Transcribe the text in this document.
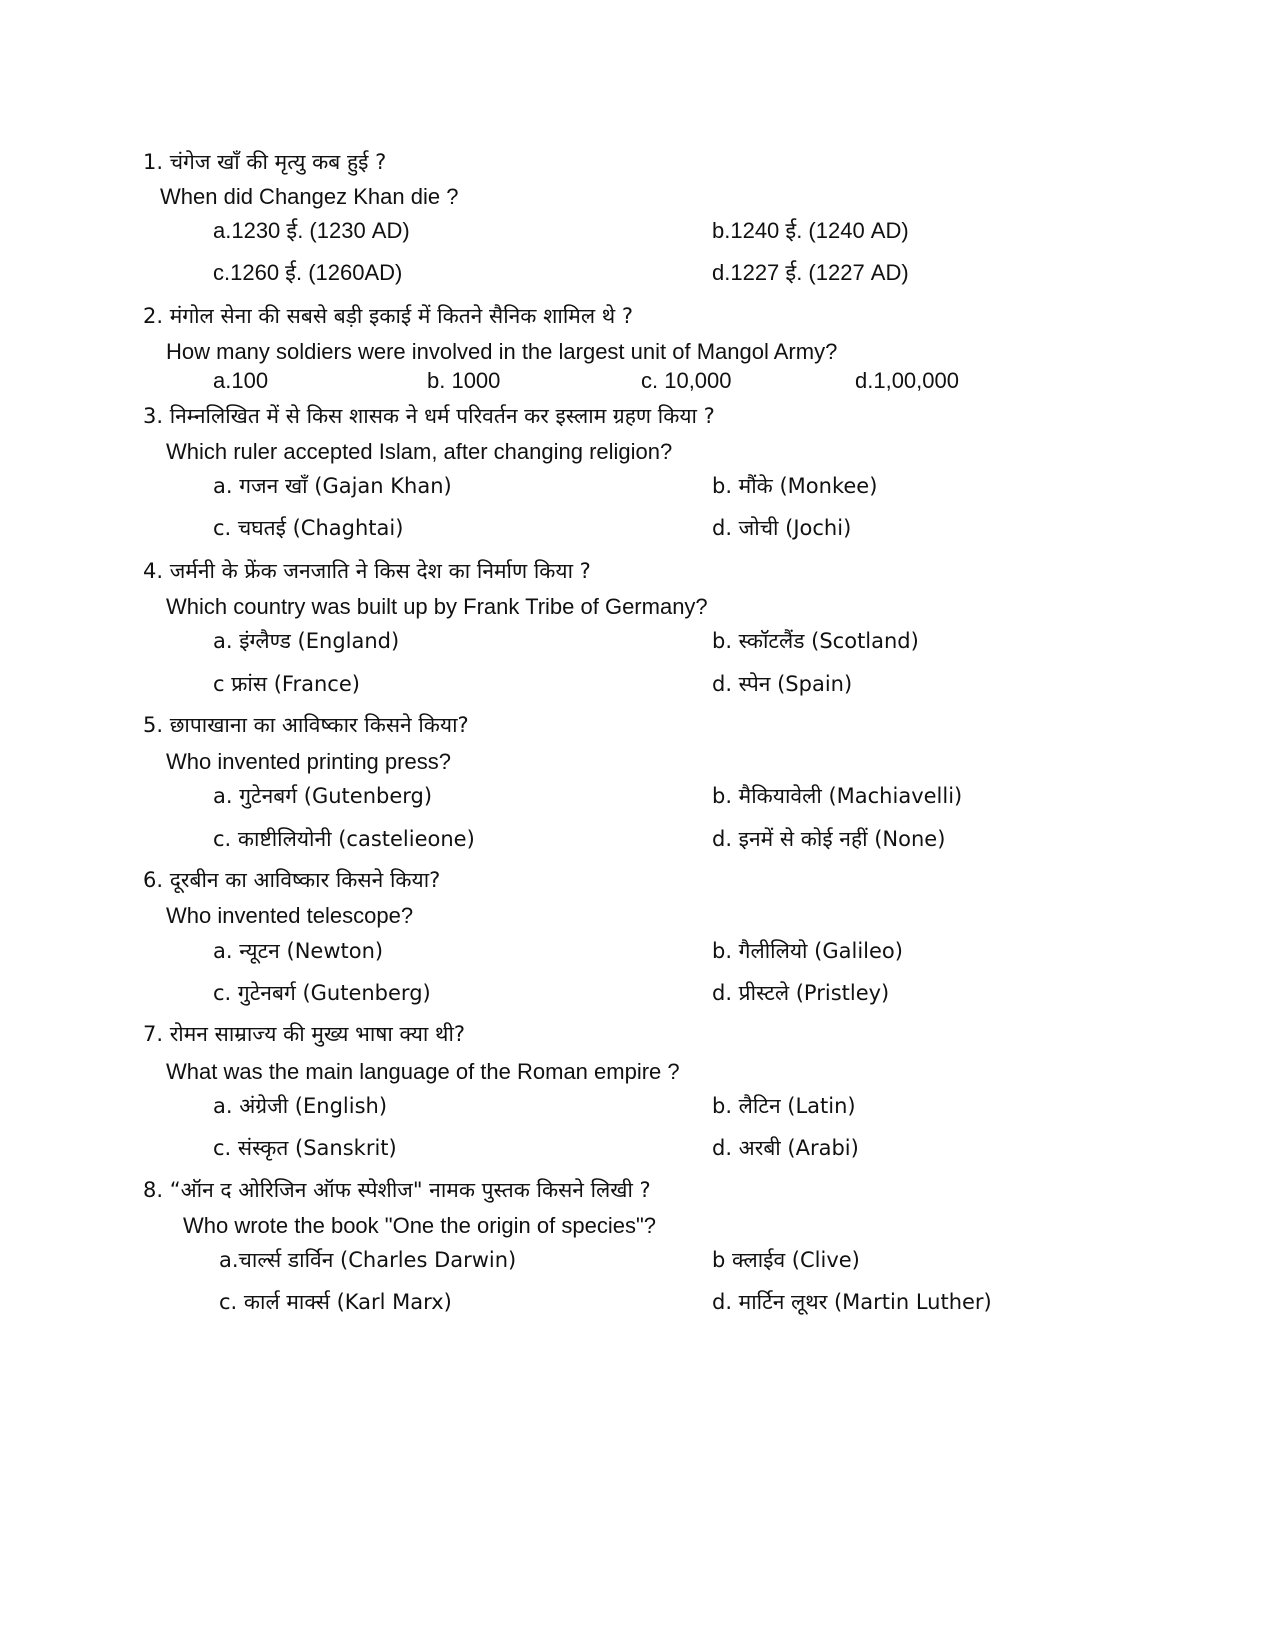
1. चंगेज खाँ की मृत्यु कब हुई ?
When did Changez Khan die ?
a.1230 ई. (1230 AD)	b.1240 ई. (1240 AD)
c.1260 ई. (1260AD)	d.1227 ई. (1227 AD)
2. मंगोल सेना की सबसे बड़ी इकाई में कितने सैनिक शामिल थे ?
How many soldiers were involved in the largest unit of Mangol Army?
a.100	b. 1000	c. 10,000	d.1,00,000
3. निम्नलिखित में से किस शासक ने धर्म परिवर्तन कर इस्लाम ग्रहण किया ?
Which ruler accepted Islam, after changing religion?
a. गजन खाँ (Gajan Khan)	b. मौंके (Monkee)
c. चघतई (Chaghtai)	d. जोची (Jochi)
4. जर्मनी के फ्रेंक जनजाति ने किस देश का निर्माण किया ?
Which country was built up by Frank Tribe of Germany?
a. इंग्लैण्ड (England)	b. स्कॉटलैंड (Scotland)
c फ्रांस (France)	d. स्पेन (Spain)
5. छापाखाना का आविष्कार किसने किया?
Who invented printing press?
a. गुटेनबर्ग (Gutenberg)	b. मैकियावेली (Machiavelli)
c. काष्टीलियोनी (castelieone)	d. इनमें से कोई नहीं (None)
6. दूरबीन का आविष्कार किसने किया?
Who invented telescope?
a. न्यूटन (Newton)	b. गैलीलियो (Galileo)
c. गुटेनबर्ग (Gutenberg)	d. प्रीस्टले (Pristley)
7. रोमन साम्राज्य की मुख्य भाषा क्या थी?
What was the main language of the Roman empire ?
a. अंग्रेजी (English)	b. लैटिन (Latin)
c. संस्कृत (Sanskrit)	d. अरबी (Arabi)
8. “ऑन द ओरिजिन ऑफ स्पेशीज" नामक पुस्तक किसने लिखी ?
Who wrote the book "One the origin of species"?
a.चार्ल्स डार्विन (Charles Darwin)	b क्लाईव (Clive)
c. कार्ल मार्क्स (Karl Marx)	d. मार्टिन लूथर (Martin Luther)
